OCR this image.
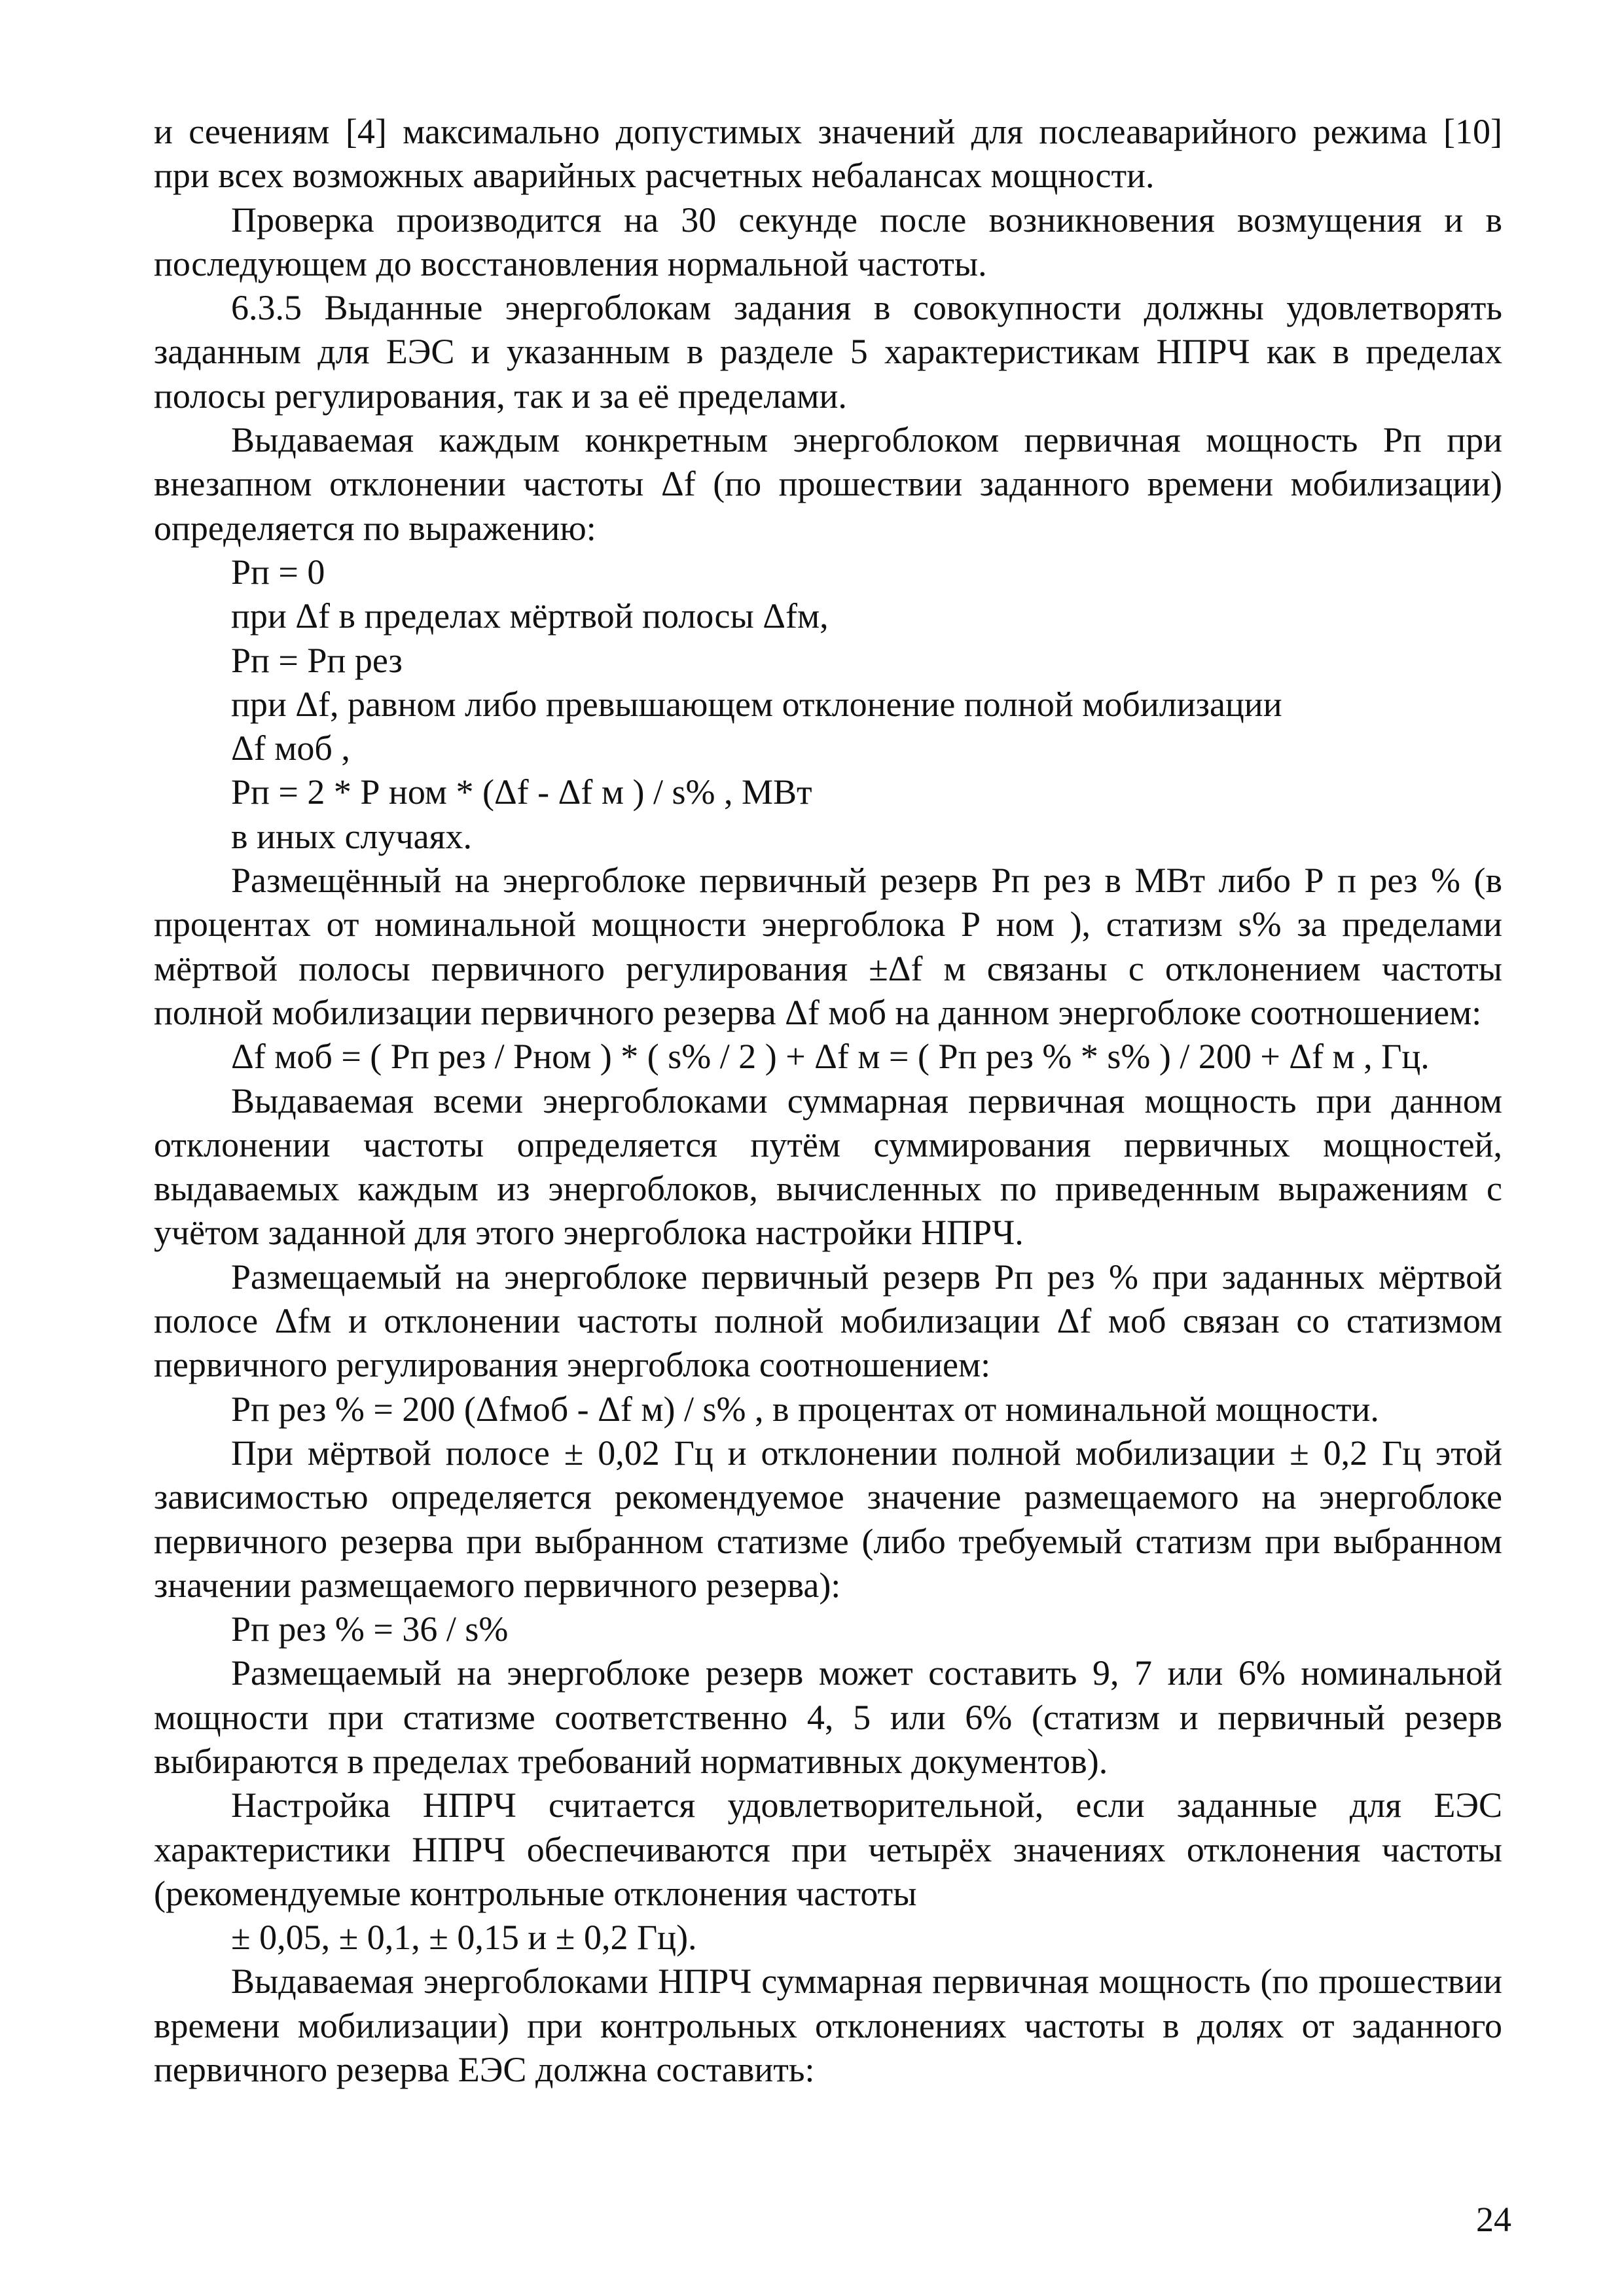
и сечениям [4] максимально допустимых значений для послеаварийного режима [10] при всех возможных аварийных расчетных небалансах мощности.

Проверка производится на 30 секунде после возникновения возмущения и в последующем до восстановления нормальной частоты.

6.3.5 Выданные энергоблокам задания в совокупности должны удовлетворять заданным для ЕЭС и указанным в разделе 5 характеристикам НПРЧ как в пределах полосы регулирования, так и за её пределами.

Выдаваемая каждым конкретным энергоблоком первичная мощность Рп при внезапном отклонении частоты Δf (по прошествии заданного времени мобилизации) определяется по выражению:

Рп = 0

при Δf в пределах мёртвой полосы Δfм,

Рп = Рп рез

при Δf, равном либо превышающем отклонение полной мобилизации

Δf моб ,

Рп = 2 * Р ном * (Δf - Δf м ) / s% , МВт

в иных случаях.

Размещённый на энергоблоке первичный резерв Рп рез в МВт либо Р п рез % (в процентах от номинальной мощности энергоблока Р ном ), статизм s% за пределами мёртвой полосы первичного регулирования ±Δf м связаны с отклонением частоты полной мобилизации первичного резерва Δf моб на данном энергоблоке соотношением:

Δf моб = ( Рп рез / Рном ) * ( s% / 2 ) + Δf м = ( Рп рез % * s% ) / 200 + Δf м , Гц.

Выдаваемая всеми энергоблоками суммарная первичная мощность при данном отклонении частоты определяется путём суммирования первичных мощностей, выдаваемых каждым из энергоблоков, вычисленных по приведенным выражениям с учётом заданной для этого энергоблока настройки НПРЧ.

Размещаемый на энергоблоке первичный резерв Рп рез % при заданных мёртвой полосе Δfм и отклонении частоты полной мобилизации Δf моб связан со статизмом первичного регулирования энергоблока соотношением:

Рп рез % = 200 (Δfмоб - Δf м) / s% , в процентах от номинальной мощности.

При мёртвой полосе ± 0,02 Гц и отклонении полной мобилизации ± 0,2 Гц этой зависимостью определяется рекомендуемое значение размещаемого на энергоблоке первичного резерва при выбранном статизме (либо требуемый статизм при выбранном значении размещаемого первичного резерва):

Рп рез % = 36 / s%

Размещаемый на энергоблоке резерв может составить 9, 7 или 6% номинальной мощности при статизме соответственно 4, 5 или 6% (статизм и первичный резерв выбираются в пределах требований нормативных документов).

Настройка НПРЧ считается удовлетворительной, если заданные для ЕЭС характеристики НПРЧ обеспечиваются при четырёх значениях отклонения частоты (рекомендуемые контрольные отклонения частоты

± 0,05, ± 0,1, ± 0,15 и ± 0,2 Гц).

Выдаваемая энергоблоками НПРЧ суммарная первичная мощность (по прошествии времени мобилизации) при контрольных отклонениях частоты в долях от заданного первичного резерва ЕЭС должна составить:

24
